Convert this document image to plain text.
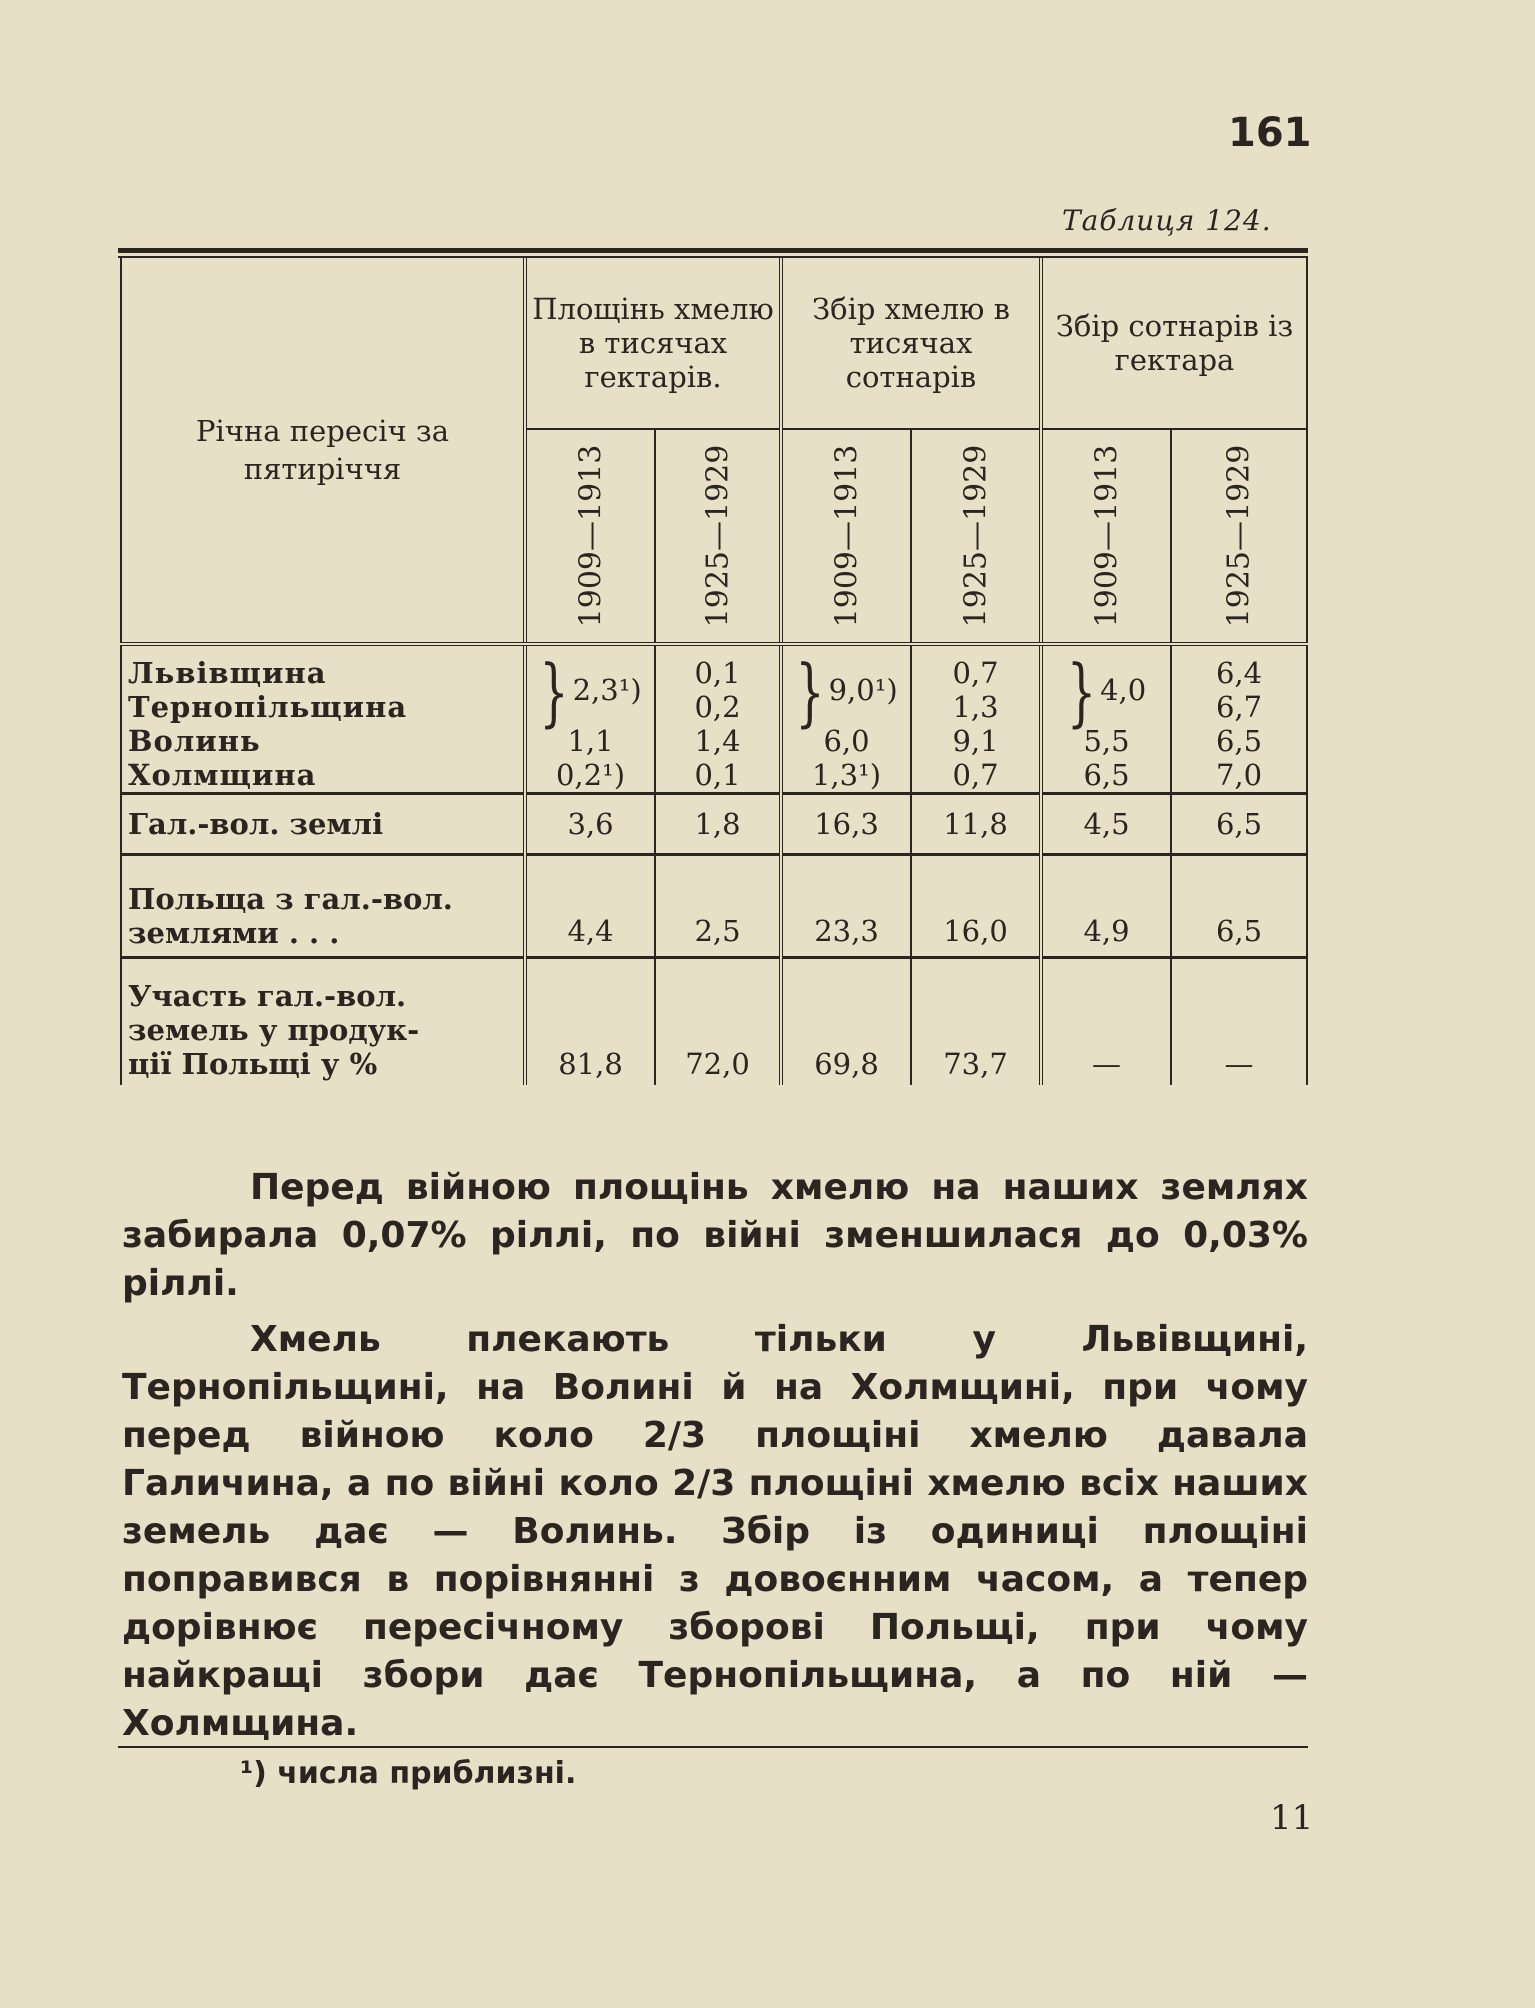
161
Таблиця 124.
Річна пересіч за пятиріччя	Площінь хмелю в тисячах гектарів.		Збір хмелю в тисячах сотнарів		Збір сотнарів із гектара	

	1909—1913	1925—1929	1909—1913	1925—1929	1909—1913	1925—1929

Львівщина	} 2,3¹)	0,1	} 9,0¹)	0,7	} 4,0	6,4
Тернопільщина		0,2		1,3		6,7
Волинь	1,1	1,4	6,0	9,1	5,5	6,5
Холмщина	0,2¹)	0,1	1,3¹)	0,7	6,5	7,0
Гал.-вол. землі	3,6	1,8	16,3	11,8	4,5	6,5
Польща з гал.-вол.
землями . . .	4,4	2,5	23,3	16,0	4,9	6,5
Участь гал.-вол.
земель у продук-
ції Польщі у %	81,8	72,0	69,8	73,7	—	—

Перед війною площінь хмелю на наших землях забирала 0,07% ріллі, по війні зменшилася до 0,03% ріллі.

Хмель плекають тільки у Львівщині, Тернопільщині, на Волині й на Холмщині, при чому перед війною коло 2/3 площіні хмелю давала Галичина, а по війні коло 2/3 площіні хмелю всіх наших земель дає — Волинь. Збір із одиниці площіні поправився в порівнянні з довоєнним часом, а тепер дорівнює пересічному зборові Польщі, при чому найкращі збори дає Тернопільщина, а по ній — Холмщина.

¹) числа приблизні.
11
